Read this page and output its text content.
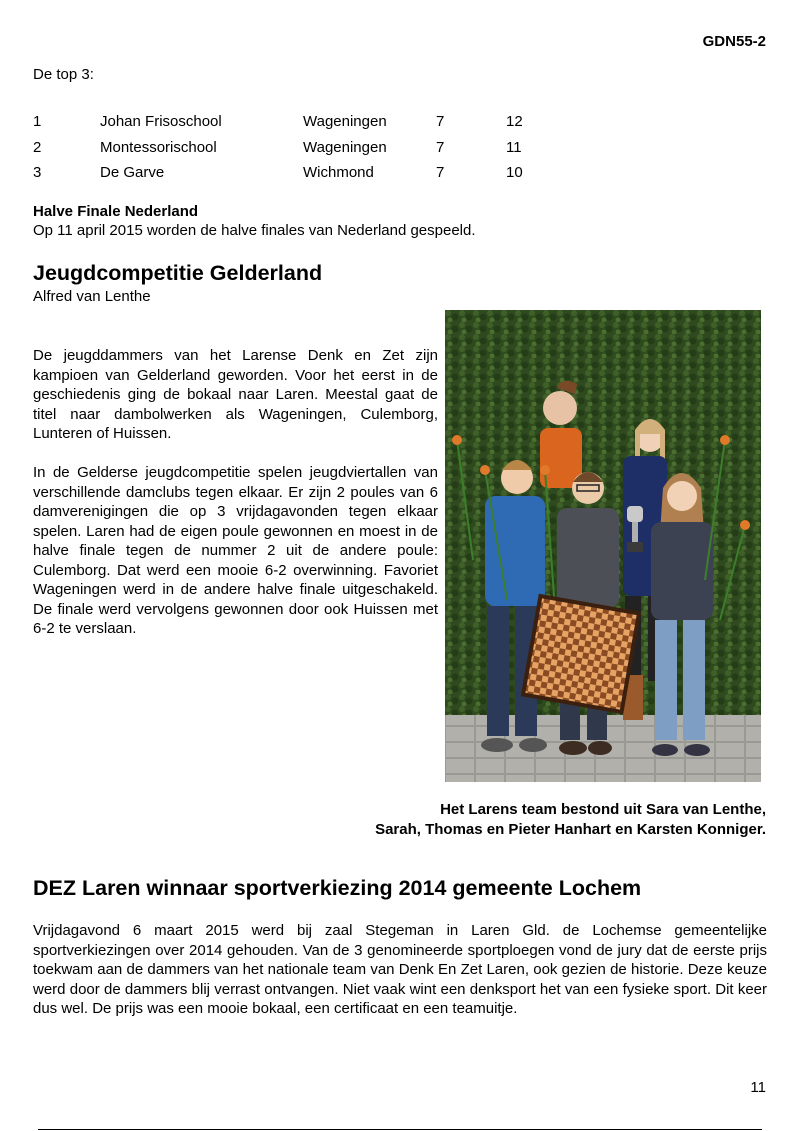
GDN55-2
De top 3:
1	Johan Frisoschool	Wageningen	7	12
2	Montessorischool	Wageningen	7	11
3	De Garve	Wichmond	7	10
Halve Finale Nederland
Op 11 april 2015 worden de halve finales van Nederland gespeeld.
Jeugdcompetitie Gelderland
Alfred van Lenthe

De jeugddammers van het Larense Denk en Zet zijn kampioen van Gelderland geworden. Voor het eerst in de geschiedenis ging de bokaal naar Laren. Meestal gaat de titel naar dambolwerken als Wageningen, Culemborg, Lunteren of Huissen.

In de Gelderse jeugdcompetitie spelen jeugdviertallen van verschillende damclubs tegen elkaar. Er zijn 2 poules van 6 damverenigingen die op 3 vrijdagavonden tegen elkaar spelen. Laren had de eigen poule gewonnen en moest in de halve finale tegen de nummer 2 uit de andere poule: Culemborg. Dat werd een mooie 6-2 overwinning. Favoriet Wageningen werd in de andere halve finale uitgeschakeld. De finale werd vervolgens gewonnen door ook Huissen met 6-2 te verslaan.

Het Larens team bestond uit Sara van Lenthe,
Sarah, Thomas en Pieter Hanhart en Karsten Konniger.
DEZ Laren winnaar sportverkiezing 2014 gemeente Lochem
Vrijdagavond 6 maart 2015 werd bij zaal Stegeman in Laren Gld. de Lochemse gemeentelijke sportverkiezingen over 2014 gehouden. Van de 3 genomineerde sportploegen vond de jury dat de eerste prijs toekwam aan de dammers van het nationale team van Denk En Zet Laren, ook gezien de historie. Deze keuze werd door de dammers blij verrast ontvangen. Niet vaak wint een denksport het van een fysieke sport. Dit keer dus wel. De prijs was een mooie bokaal, een certificaat en een teamuitje.
11
